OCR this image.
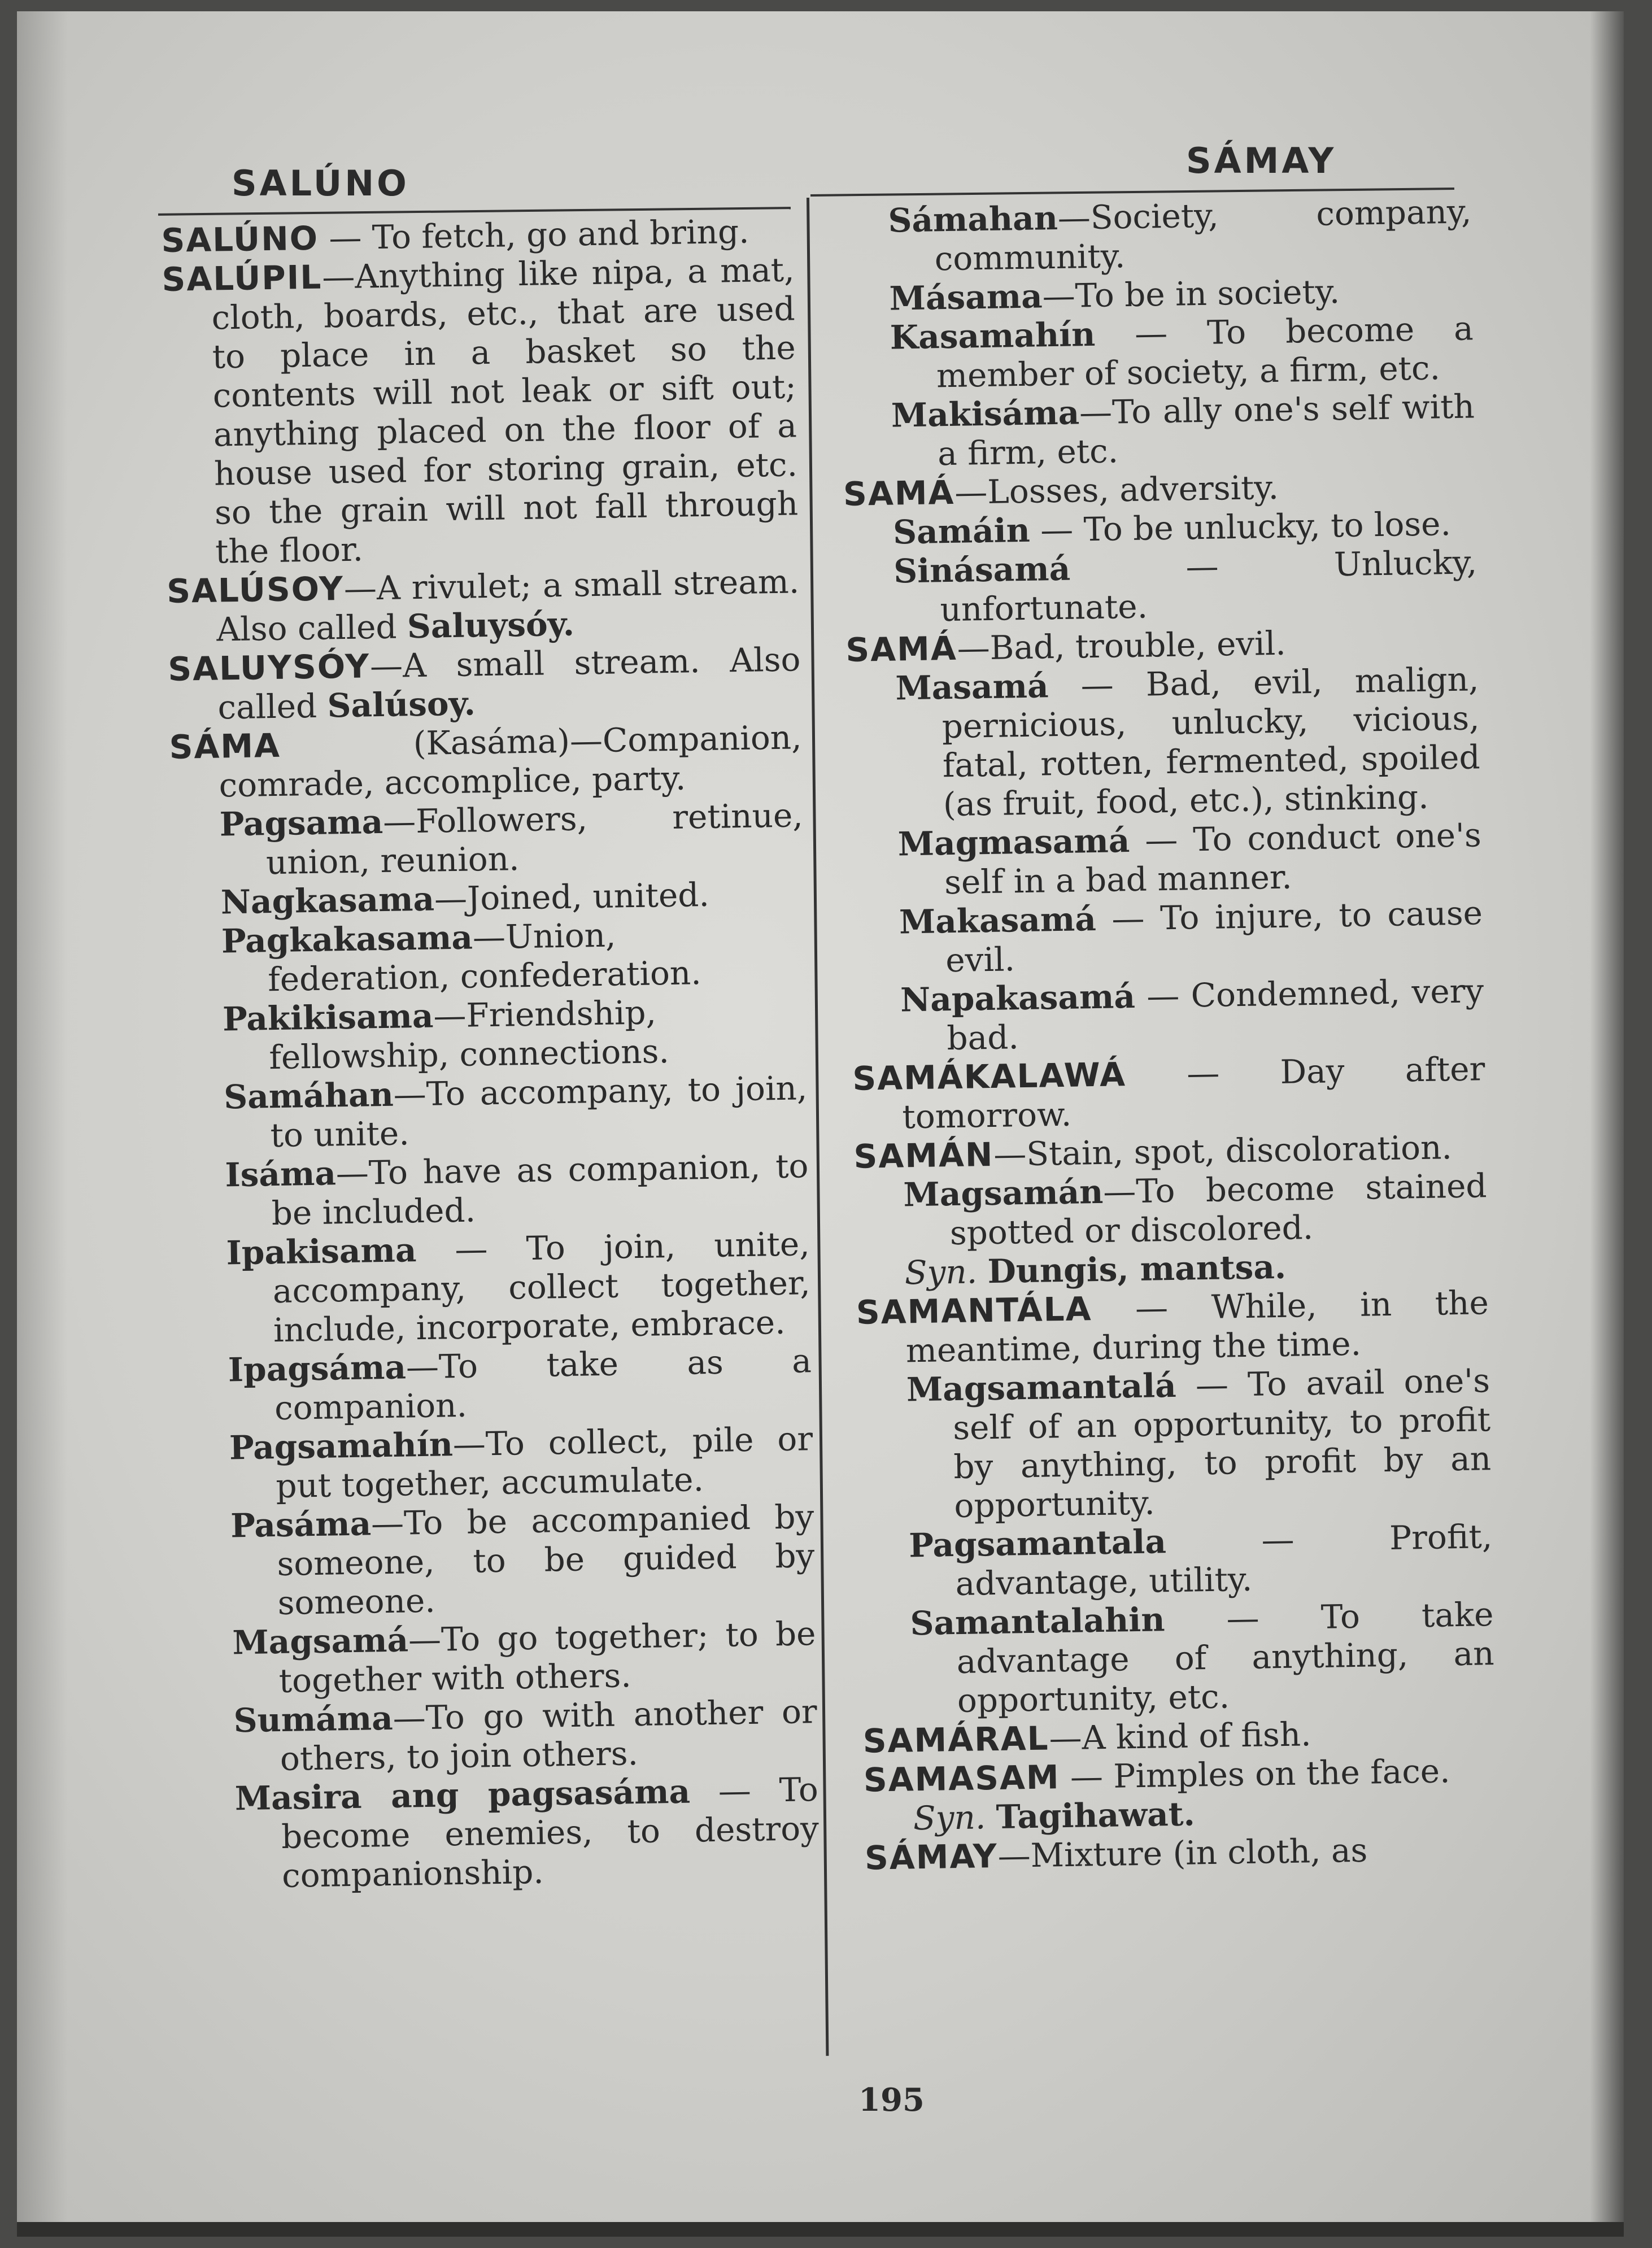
SALÚNO
SÁMAY

SALÚNO — To fetch, go and bring.

SALÚPIL—Anything like nipa, a mat, cloth, boards, etc., that are used to place in a basket so the contents will not leak or sift out; anything placed on the floor of a house used for storing grain, etc. so the grain will not fall through the floor.

SALÚSOY—A rivulet; a small stream. Also called Saluysóy.

SALUYSÓY—A small stream. Also called Salúsoy.

SÁMA	(Kasáma)—Companion, comrade, accomplice, party.

Pagsama—Followers, retinue, union, reunion.

Nagkasama—Joined, united.

Pagkakasama—Union, federation, confederation.

Pakikisama—Friendship, fellowship, connections.

Samáhan—To accompany, to join, to unite.

Isáma—To have as companion, to be included.

Ipakisama — To join, unite, accompany, collect together, include, incorporate, embrace.

Ipagsáma—To take as a companion.

Pagsamahín—To collect, pile or put together, accumulate.

Pasáma—To be accompanied by someone, to be guided by someone.

Magsamá—To go together; to be together with others.

Sumáma—To go with another or others, to join others.

Masira ang pagsasáma — To become enemies, to destroy companionship.

Sámahan—Society, company, community.

Másama—To be in society.

Kasamahín — To become a member of society, a firm, etc.

Makisáma—To ally one's self with a firm, etc.

SAMÁ—Losses, adversity.

Samáin — To be unlucky, to lose.

Sinásamá — Unlucky, unfortunate.

SAMÁ—Bad, trouble, evil.

Masamá — Bad, evil, malign, pernicious, unlucky, vicious, fatal, rotten, fermented, spoiled (as fruit, food, etc.), stinking.

Magmasamá — To conduct one's self in a bad manner.

Makasamá — To injure, to cause evil.

Napakasamá — Condemned, very bad.

SAMÁKALAWÁ — Day after tomorrow.

SAMÁN—Stain, spot, discoloration.

Magsamán—To become stained spotted or discolored.

Syn. Dungis, mantsa.

SAMANTÁLA — While, in the meantime, during the time.

Magsamantalá — To avail one's self of an opportunity, to profit by anything, to profit by an opportunity.

Pagsamantala — Profit, advantage, utility.

Samantalahin — To take advantage of anything, an opportunity, etc.

SAMÁRAL—A kind of fish.

SAMASAM — Pimples on the face.

Syn. Tagihawat.

SÁMAY—Mixture (in cloth, as

195
